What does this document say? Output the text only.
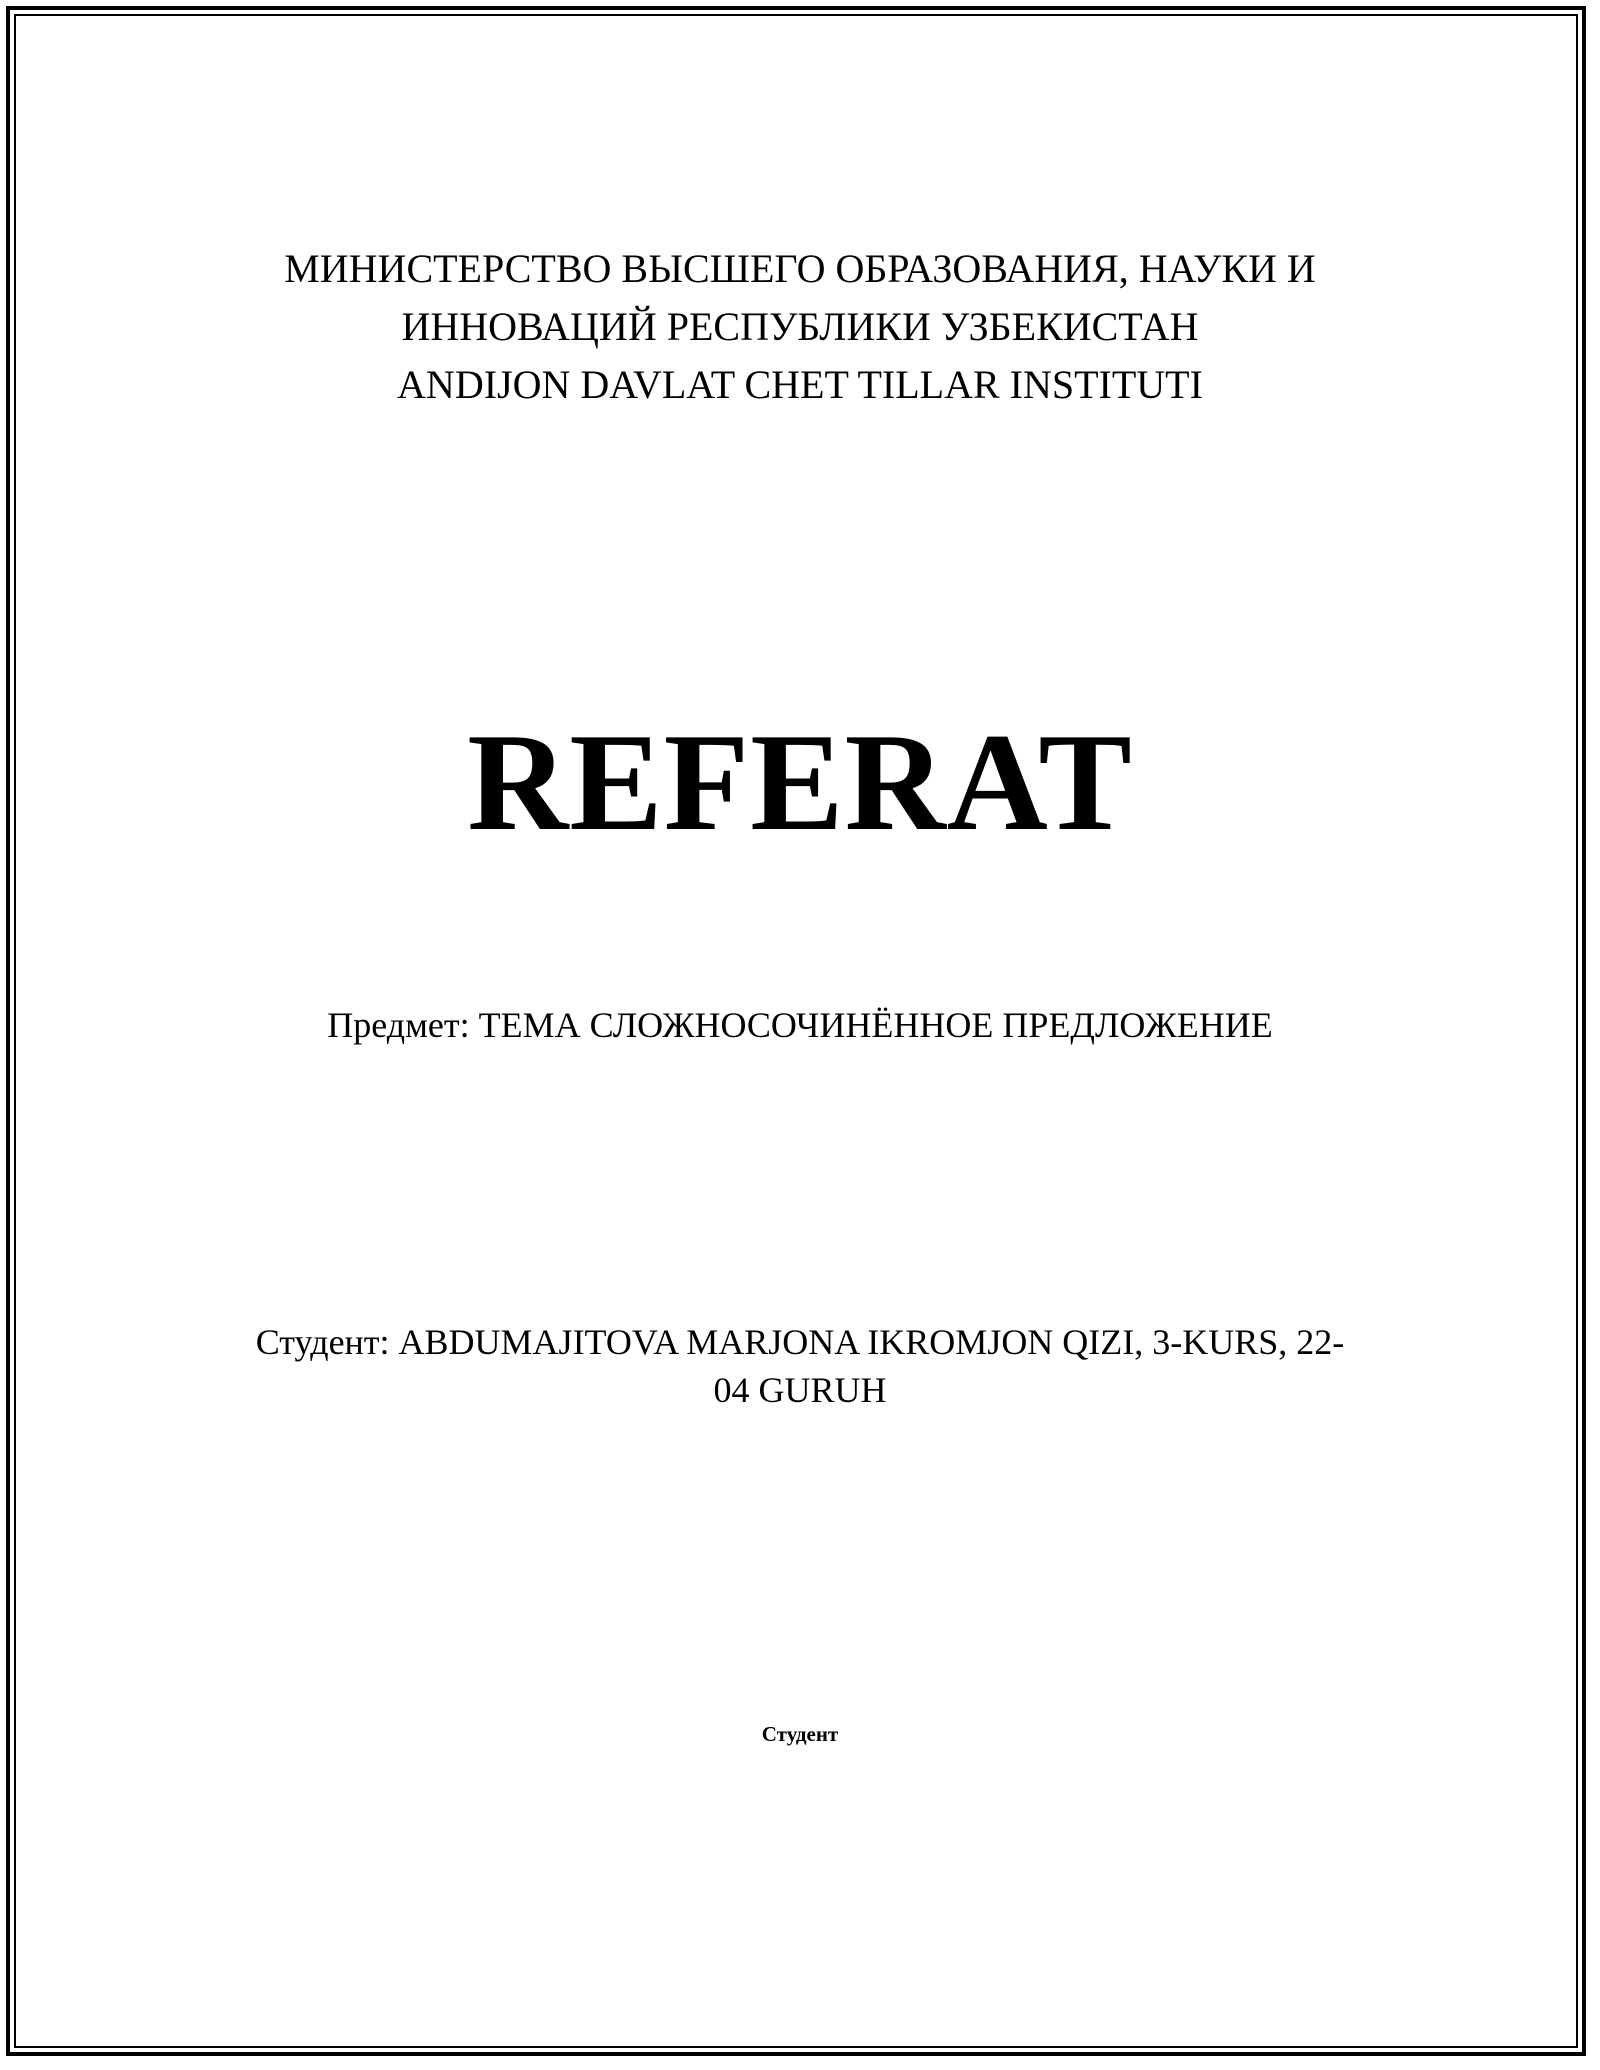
МИНИСТЕРСТВО ВЫСШЕГО ОБРАЗОВАНИЯ, НАУКИ И
ИННОВАЦИЙ РЕСПУБЛИКИ УЗБЕКИСТАН
ANDIJON DAVLAT CHET TILLAR INSTITUTI
REFERAT
Предмет: ТЕМА СЛОЖНОСОЧИНЁННОЕ ПРЕДЛОЖЕНИЕ
Студент: ABDUMAJITOVA MARJONA IKROMJON QIZI, 3-KURS, 22-
04 GURUH
Студент
